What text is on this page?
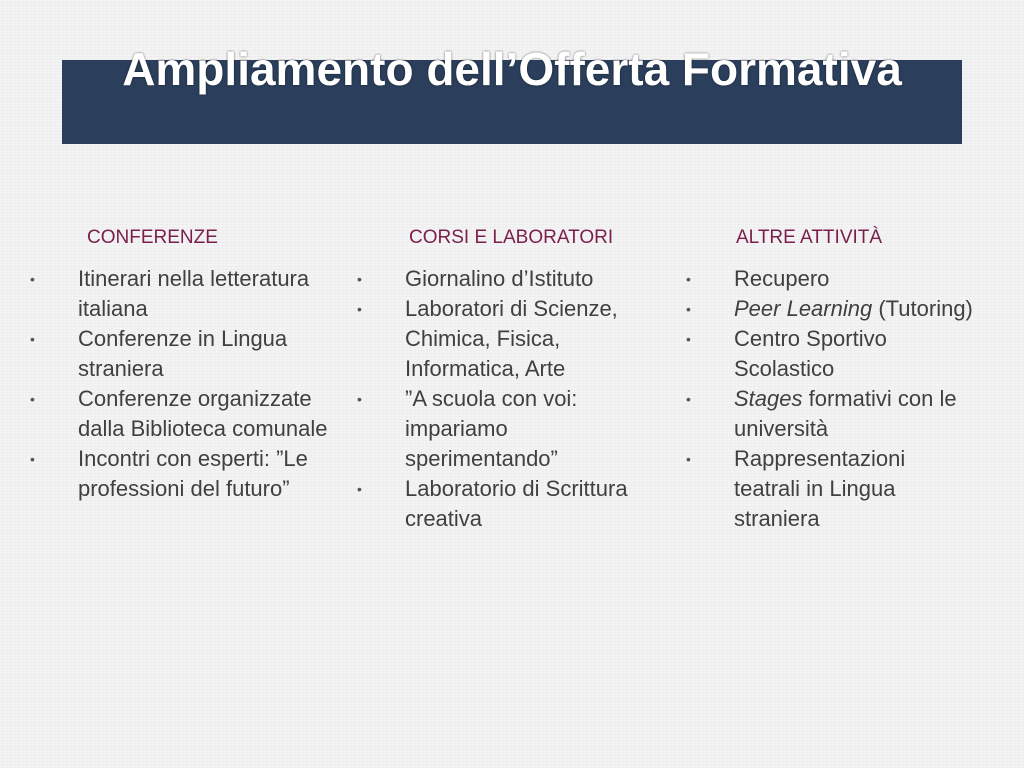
Ampliamento dell’Offerta Formativa
CONFERENZE
•	Itinerari nella letteratura italiana
•	Conferenze in Lingua straniera
•	Conferenze organizzate dalla Biblioteca comunale
•	Incontri con esperti: ”Le professioni del futuro”
CORSI E LABORATORI
•	Giornalino d’Istituto
•	Laboratori di Scienze, Chimica, Fisica, Informatica, Arte
•	”A scuola con voi: impariamo sperimentando”
•	Laboratorio di Scrittura creativa
ALTRE ATTIVITÀ
•	Recupero
•	Peer Learning (Tutoring)
•	Centro Sportivo Scolastico
•	Stages formativi con le università
•	Rappresentazioni teatrali in Lingua straniera
